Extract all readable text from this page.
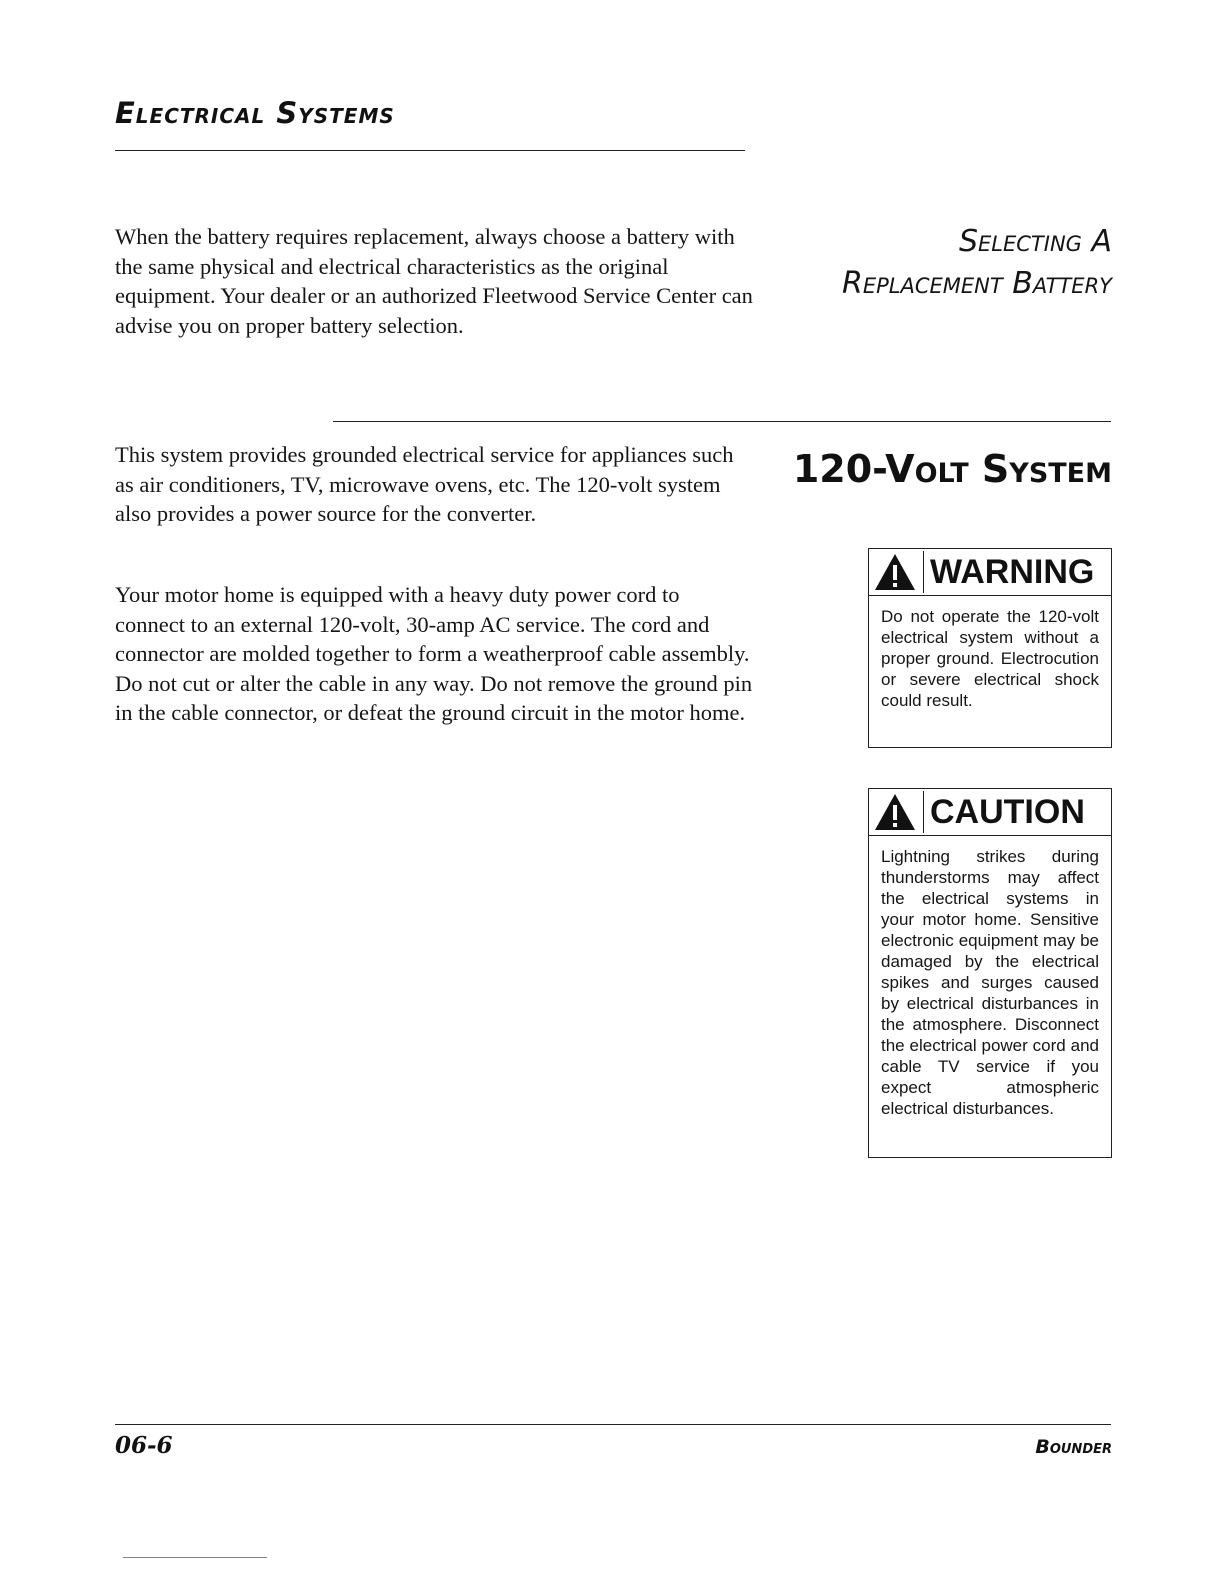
Electrical Systems

When the battery requires replacement, always choose a battery with the same physical and electrical characteristics as the original equipment. Your dealer or an authorized Fleetwood Service Center can advise you on proper battery selection.

Selecting A
Replacement Battery

This system provides grounded electrical service for appliances such as air conditioners, TV, microwave ovens, etc. The 120-volt system also provides a power source for the converter.

Your motor home is equipped with a heavy duty power cord to connect to an external 120-volt, 30-amp AC service. The cord and connector are molded together to form a weatherproof cable assembly. Do not cut or alter the cable in any way. Do not remove the ground pin in the cable connector, or defeat the ground circuit in the motor home.

120-Volt System
WARNING

Do not operate the 120-volt electrical system without a proper ground. Electrocution or severe electrical shock could result.

CAUTION

Lightning strikes during thunderstorms may affect the electrical systems in your motor home. Sensitive electronic equipment may be damaged by the electrical spikes and surges caused by electrical disturbances in the atmosphere. Disconnect the electrical power cord and cable TV service if you expect atmospheric electrical disturbances.

06-6	Bounder
